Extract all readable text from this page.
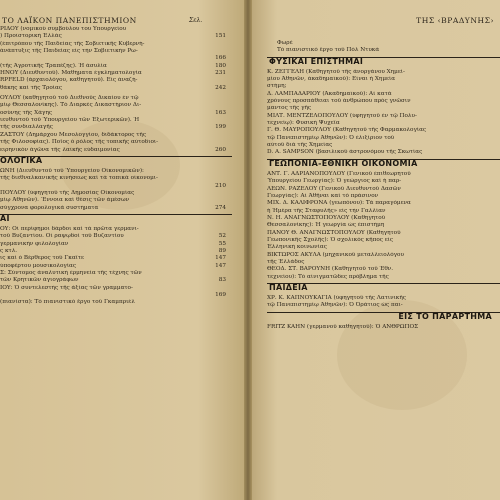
ΤΟ ΛΑΪΚΟΝ ΠΑΝΕΠΙΣΤΗΜΙΟΝ	Σελ.
ΡΙΔΟΥ (νομικού συμβούλου του Υπουργείου
) Προϊστορική Ἑλλάς	151
(ἐπιτρόπου τῆς Παιδείας τῆς Σοβιετικῆς Κυβερνή-
ἀνάπτυξις τῆς Παιδείας εἰς τὴν Σοβιετικὴν Ρω-
166
(τῆς Ἀγροτικῆς Τραπέζης). Ἡ ἀσυλία	180
ΗΝΟΥ (Διευθυντοῦ). Μαθήματα ἐγκληματολογία	231
RPFELD (ἀρχαιολόγου, καθηγητοῦ). Εἰς ἀναζή-
θάκης καὶ τῆς Τροίας	242
ΟΥΛΟΥ (καθηγητοῦ τοῦ Διεθνοῦς Δικαίου ἐν τῷ
μίῳ Θεσσαλονίκης). Τὸ Διαρκὲς Δικαστήριον Δι-
οσύνης τῆς Χάγης	163
ιευθυντοῦ τοῦ Ὑπουργείου τῶν Ἐξωτερικῶν). Ἡ
τῆς συνδιαλλαγῆς	199
ΖΑΣΤΟΥ (Δημάρχου Μεσολογγίου, διδάκτορος τῆς
τῆς Φιλοσοφίας). Ποῖος ὁ ρόλος τῆς τοπικῆς αὐτοδιοι-
ειρηνικὸν ἀγῶνα τῆς λαϊκῆς εὐδαιμονίας	260
ΟΛΟΓΙΚΑ
ΩΝΗ (Διευθυντοῦ τοῦ Ὑπουργείου Οἰκονομικῶν):
τῆς διεθναλκανικῆς κινήσεως καὶ τὰ τοπικὰ οἰκονομι-
210
ΠΟΥΛΟΥ (ὑφηγητοῦ τῆς Δημοσίας Οἰκονομίας
μίῳ Ἀθηνῶν). Ἔννοια καὶ θέσις τῶν ἀμέσων
σύγχρονα φορολογικὰ συστήματα	274
ΑΙ
ΟΥ: Οἱ περίφημοι δάρδοι καὶ τὰ πρῶτα γερμανι-
τοῦ Βυζαντίου. Οἱ ραψῳδοὶ τοῦ Βυζαντίου	52
γερμανικὴν φιλολογίαν	55
ς κτλ.	89
ις καὶ ὁ Βέρθερος τοῦ Γκαῖτε	147
ὑποφέρτου μουσικολογίας	147
Σ: Σύντομος ἀναλυτικὴ ἑρμηνεία τῆς τέχνης τῶν
τῶν Κρητικῶν ἁγιογράφων	83
ΙΟΥ: Ὁ συντελεστὴς τῆς ἀξίας τῶν γραμματο-
169
(πιανίστα): Τὸ πιανιστικὸ ἔργο τοῦ Γκαμπριέλ
ΤΗΣ ‹ΒΡΑΔΥΝΗΣ›
Φωρὲ
Τὸ πιανιστικὸ ἔργο τοῦ Πὸλ Ντυκὰ
ΦΥΣΙΚΑΙ ΕΠΙΣΤΗΜΑΙ
Κ. ΖΕΓΓΕΛΗ (Καθηγητοῦ τῆς ἀνοργάνου Χημεί-
μίου Ἀθηνῶν, ἀκαδημαϊκοῦ): Εἶναι ἡ Χημεία
στήμη;
Δ. ΛΑΜΠΑΔΑΡΙΟΥ (Ἀκαδημαϊκοῦ): Αἱ κατὰ
χρόνους προσπάθειαι τοῦ ἀνθρώπου πρὸς γνῶσιν
μαντος τῆς γῆς
ΜΙΛΤ. ΜΕΝΤΖΕΛΟΠΟΥΛΟΥ (ὑφηγητοῦ ἐν τῷ Πολυ-
τεχνείῳ): Φυσικὴ Ψυχεῖα
Γ. Θ. ΜΑΥΡΟΠΟΥΛΟΥ (Καθηγητοῦ τῆς Φαρμακολογίας
τῷ Πανεπιστημίῳ Ἀθηνῶν): Ὁ ἐλιξίριον τοῦ
αὐτοῦ διὰ τῆς Χημείας
D. A. SAMPSON (βασιλικοῦ ἀστρονόμου τῆς Σκωτίας
ΓΕΩΠΟΝΙΑ-ΕΘΝΙΚΗ ΟΙΚΟΝΟΜΙΑ
ΑΝΤ. Γ. ΑΔΡΙΑΝΟΠΟΥΛΟΥ (Γενικοῦ ἐπιθεωρητοῦ
Ὑπουργείου Γεωργίας): Ὁ γεώργιος καὶ ἡ παρ-
ΛΕΩΝ. ΡΑΖΕΛΟΥ (Γενικοῦ Διευθυντοῦ Δασῶν
Γεωργίας): Αἱ Ἀθῆναι καὶ τὸ πράσινον
ΜΙΧ. Δ. ΚΑΛΙΦΡΟΝΑ (γεωπόνου): Τὰ παραγόμενα
ἡ Ἡμέρα τῆς Σταφυλῆς» εἰς τὴν Γαλλίαν
Ν. Η. ΑΝΑΓΝΩΣΤΟΠΟΥΛΟΥ (Καθηγητοῦ
Θεσσαλονίκης): Ἡ γεωργία ὡς ἐπιστήμη
ΠΑΝΟΥ Θ. ΑΝΑΓΝΩΣΤΟΠΟΥΛΟΥ (Καθηγητοῦ
Γεωπονικῆς Σχολῆς): Ὁ σχολικὸς κῆπος εἰς
Ἑλληνικὴ κοινωνίας
ΒΙΚΤΩΡΟΣ ΑΚΥΛΑ (μηχανικοῦ μεταλλειολόγου
τῆς Ἑλλάδος
ΘΕΟΔ. ΣΤ. ΒΑΡΟΥΝΗ (Καθηγητοῦ τοῦ Ἐθν.
τεχνείου): Τὸ αἰνιγματῶδες πρόβλημα τῆς
ΠΑΙΔΕΙΑ
ΧΡ. Κ. ΚΑΠΝΟΥΚΑΓΙΑ (ὑφηγητοῦ τῆς Λατινικῆς
τῷ Πανεπιστημίῳ Ἀθηνῶν): Ὁ Ὀράτιος ὡς παι-
ΕΙΣ ΤΟ ΠΑΡΑΡΤΗΜΑ
FRITZ KAHN (γερμανοῦ καθηγητοῦ): Ὁ ΑΝΘΡΩΠΟΣ
